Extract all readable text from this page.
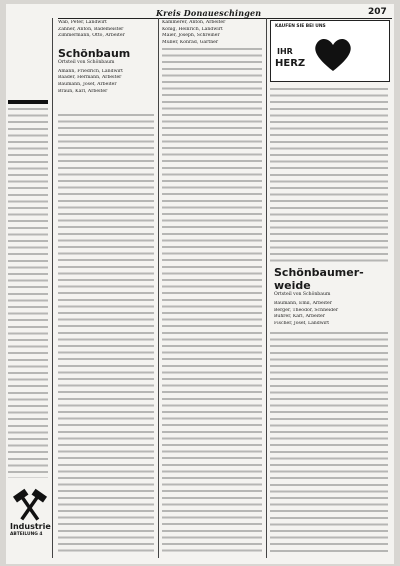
Kreis Donaueschingen	207
Wäb, Peter, Landwirt
Zähner, Anton, Bademeister
Zimmermann, Otto, Arbeiter
Schönbaum
Ortsteil von Schönbaum
Amann, Friedrich, Landwirt
Baader, Hermann, Arbeiter
Baumann, Josef, Arbeiter
Braun, Karl, Arbeiter
Kammerer, Anton, Arbeiter
König, Heinrich, Landwirt
Maier, Joseph, Schreiner
Müller, Konrad, Gärtner
KAUFEN SIE BEI UNS
IHR
HERZ
Schönbaumer-
weide
Ortsteil von Schönbaum
Baumann, Emil, Arbeiter
Berger, Theodor, Schneider
Bührer, Karl, Arbeiter
Fischer, Josef, Landwirt
Industrie
ABTEILUNG 4
